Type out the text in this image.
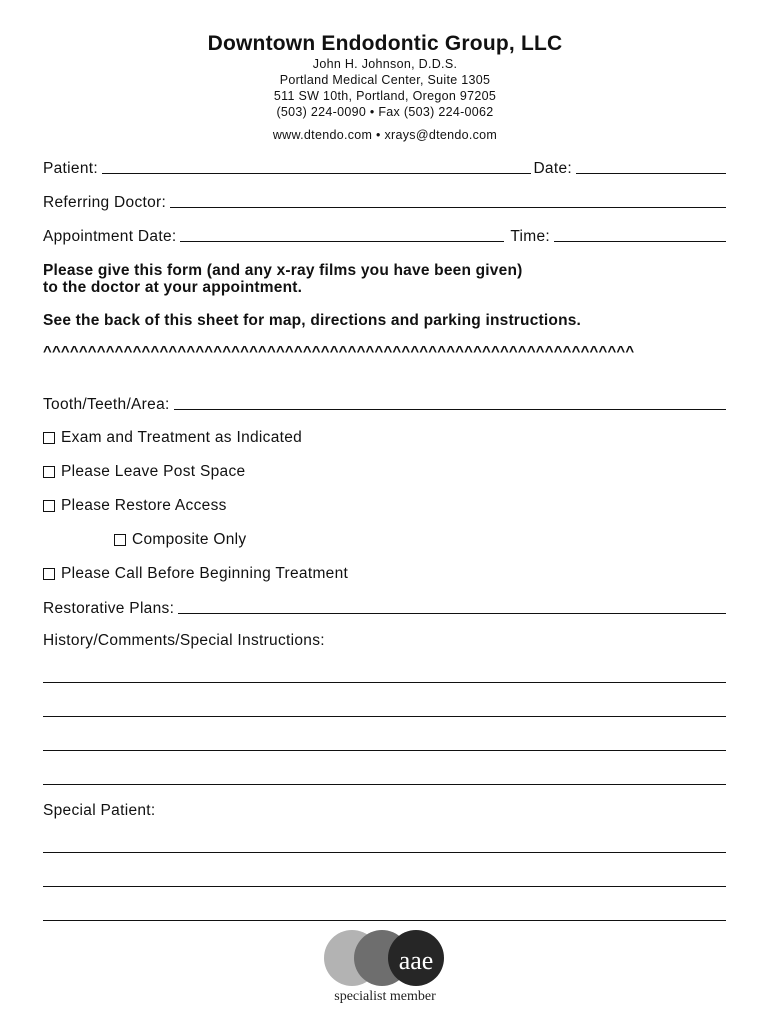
Downtown Endodontic Group, LLC
John H. Johnson, D.D.S.
Portland Medical Center, Suite 1305
511 SW 10th, Portland, Oregon 97205
(503) 224-0090 • Fax (503) 224-0062
www.dtendo.com • xrays@dtendo.com
Patient:	Date:
Referring Doctor:
Appointment Date:	Time:
Please give this form (and any x-ray films you have been given)
to the doctor at your appointment.
See the back of this sheet for map, directions and parking instructions.
^^^^^^^^^^^^^^^^^^^^^^^^^^^^^^^^^^^^^^^^^^^^^^^^^^^^^^^^^^^^^^^^^^
Tooth/Teeth/Area:
Exam and Treatment as Indicated
Please Leave Post Space
Please Restore Access
Composite Only
Please Call Before Beginning Treatment
Restorative Plans:
History/Comments/Special Instructions:
Special Patient:
aae
specialist member
